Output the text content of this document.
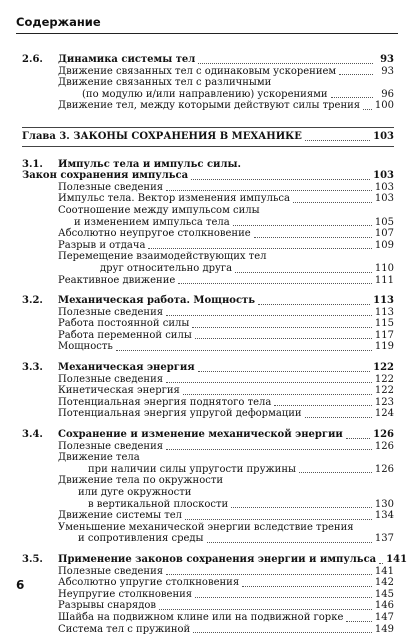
Содержание
2.6.	Динамика системы тел	93
Движение связанных тел с одинаковым ускорением	93
Движение связанных тел с различными
(по модулю и/или направлению) ускорениями	96
Движение тел, между которыми действуют силы трения 100
Глава 3. ЗАКОНЫ СОХРАНЕНИЯ В МЕХАНИКЕ	103
3.1.	Импульс тела и импульс силы.
Закон сохранения импульса	103
Полезные сведения	103
Импульс тела. Вектор изменения импульса	103
Соотношение между импульсом силы
и изменением импульса тела	105
Абсолютно неупругое столкновение	107
Разрыв и отдача	109
Перемещение взаимодействующих тел
друг относительно друга	110
Реактивное движение	111
3.2.	Механическая работа. Мощность	113
Полезные сведения	113
Работа постоянной силы	115
Работа переменной силы	117
Мощность	119
3.3.	Механическая энергия	122
Полезные сведения	122
Кинетическая энергия	122
Потенциальная энергия поднятого тела	123
Потенциальная энергия упругой деформации	124
3.4.	Сохранение и изменение механической энергии	126
Полезные сведения	126
Движение тела
при наличии силы упругости пружины	126
Движение тела по окружности
или дуге окружности
в вертикальной плоскости	130
Движение системы тел	134
Уменьшение механической энергии вследствие трения
и сопротивления среды	137
3.5.	Применение законов сохранения энергии и импульса 141
Полезные сведения	141
Абсолютно упругие столкновения	142
Неупругие столкновения	145
Разрывы снарядов	146
Шайба на подвижном клине или на подвижной горке	147
Система тел с пружиной	149
6
